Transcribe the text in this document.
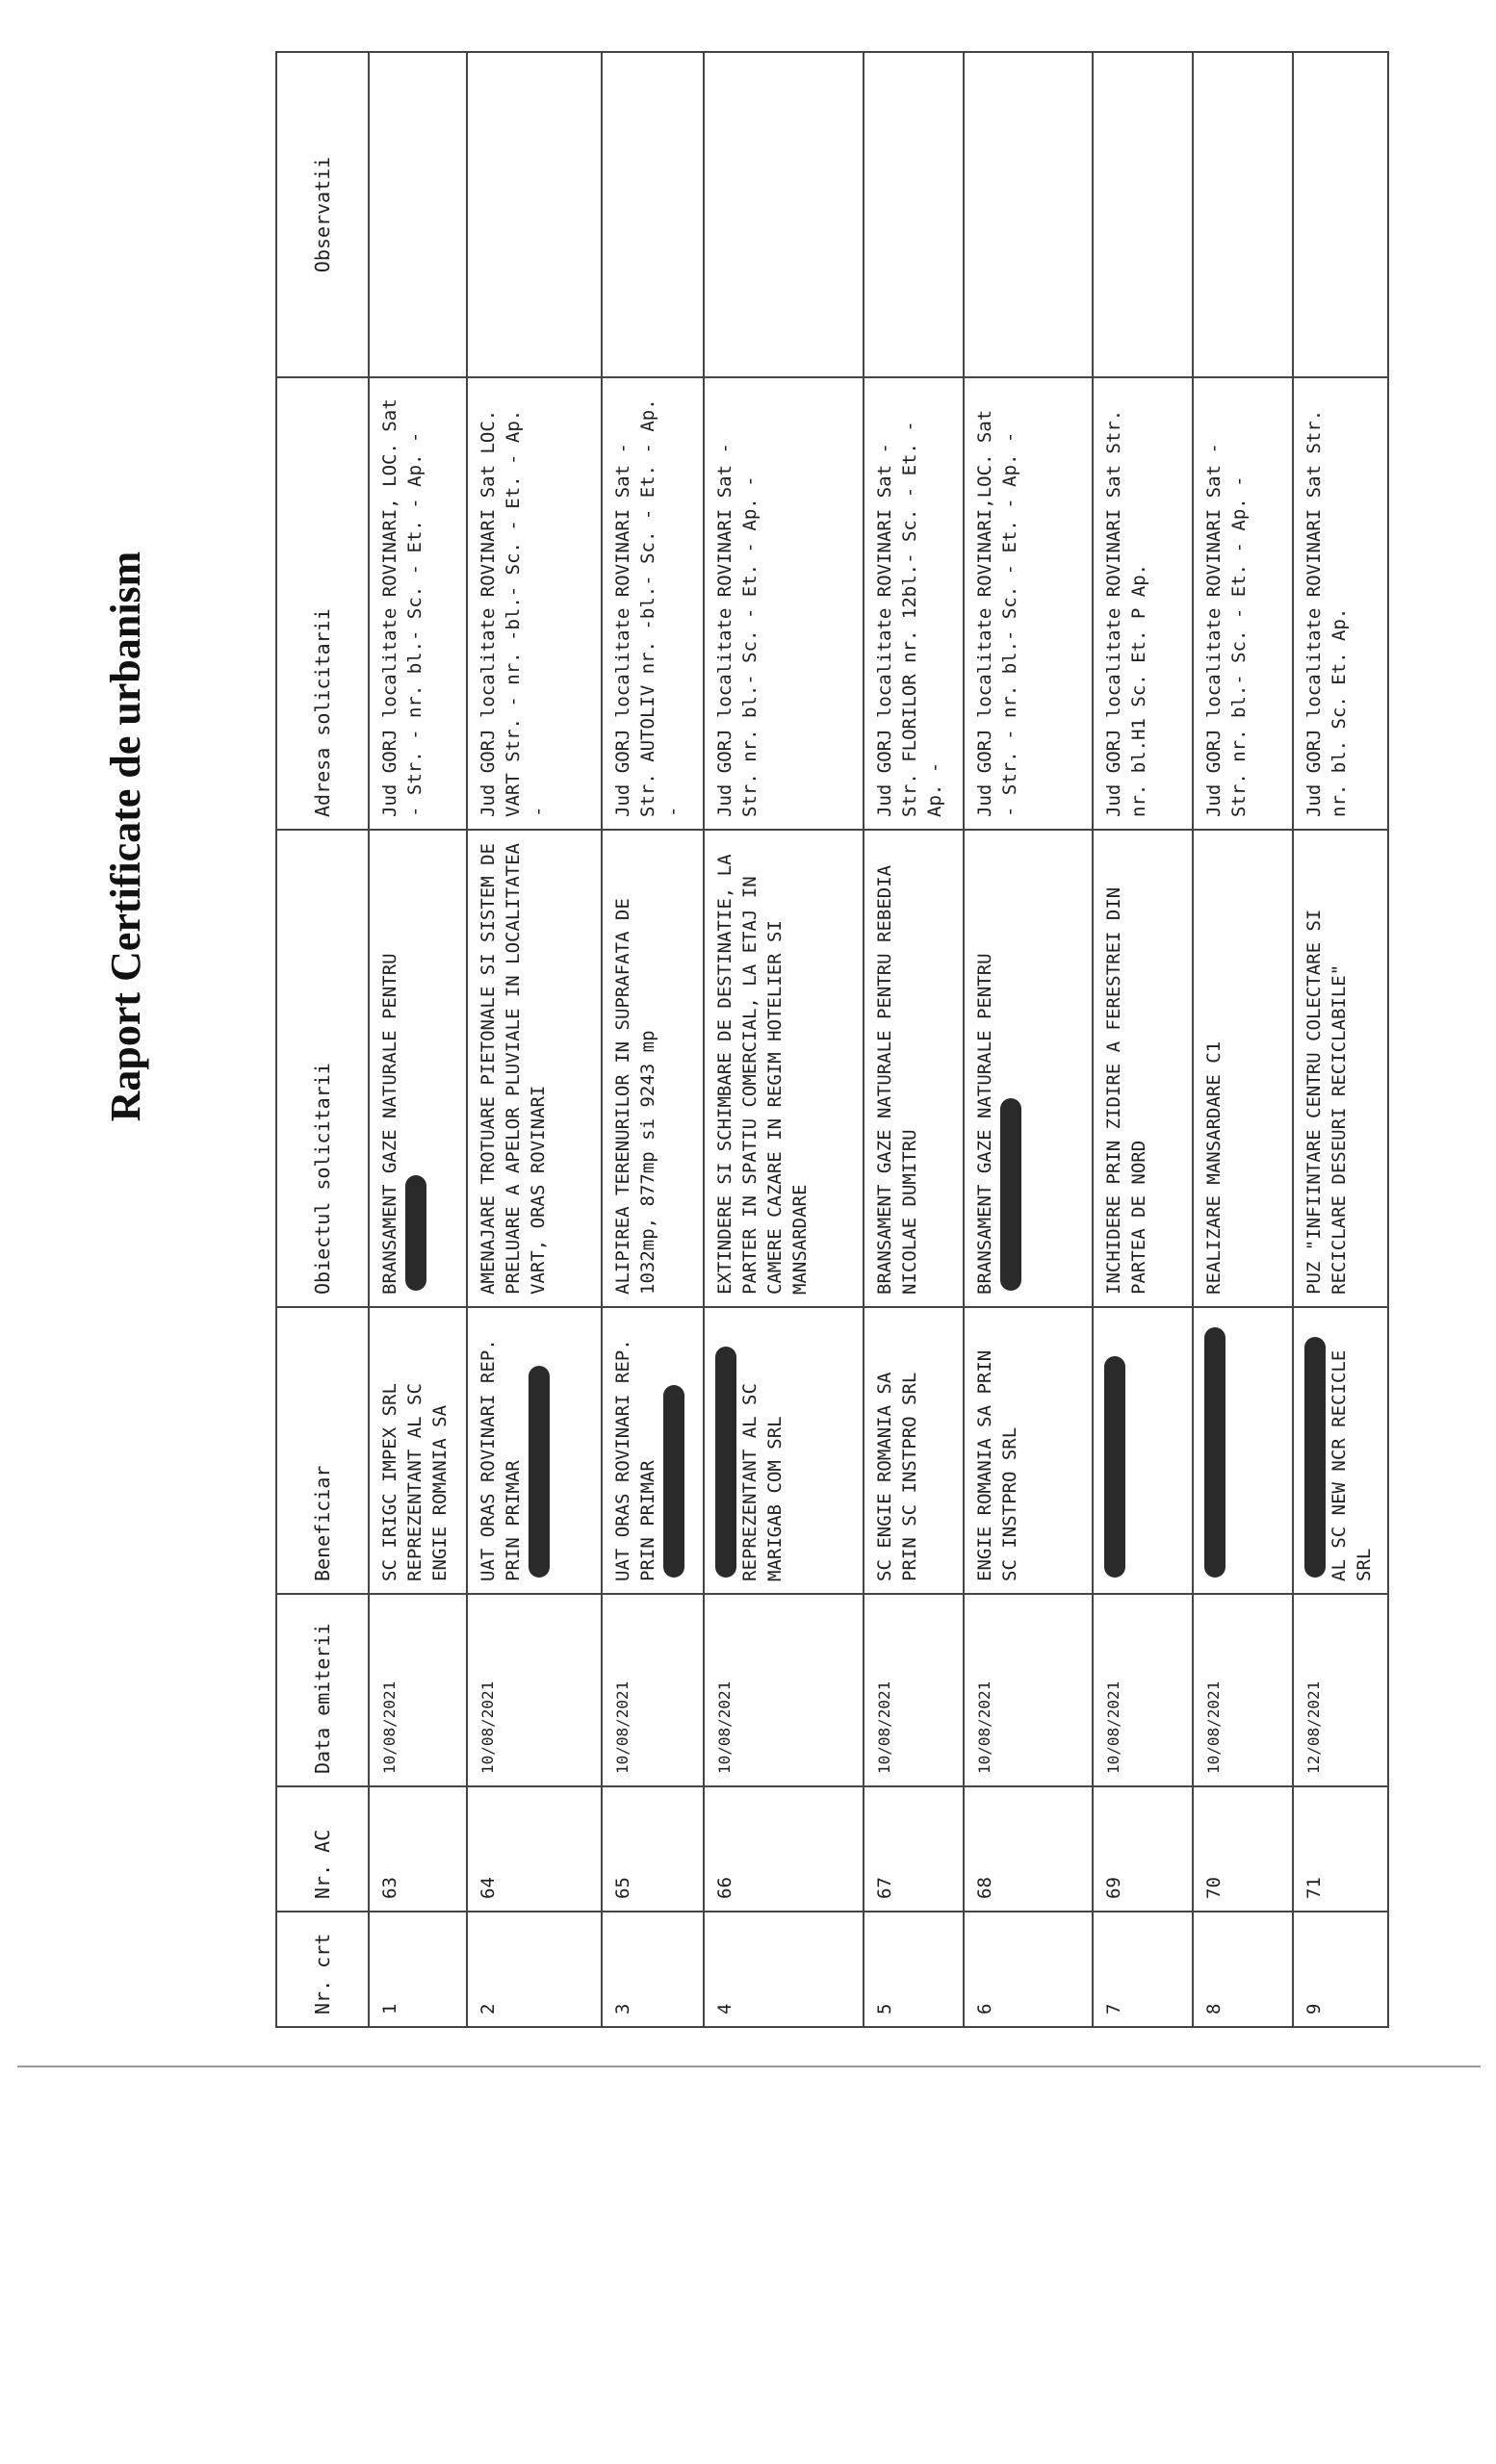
Raport Certificate de urbanism
Nr. crt	Nr. AC	Data emiterii	Beneficiar	Obiectul solicitarii	Adresa solicitarii	Observatii
1	63	10/08/2021	SC IRIGC IMPEX SRL REPREZENTANT AL SC ENGIE ROMANIA SA	BRANSAMENT GAZE NATURALE PENTRU	Jud GORJ localitate ROVINARI, LOC. Sat - Str. - nr. bl.- Sc. - Et. - Ap. -	
2	64	10/08/2021	UAT ORAS ROVINARI REP. PRIN PRIMAR	AMENAJARE TROTUARE PIETONALE SI SISTEM DE PRELUARE A APELOR PLUVIALE IN LOCALITATEA VART, ORAS ROVINARI	Jud GORJ localitate ROVINARI Sat LOC. VART Str. - nr. -bl.- Sc. - Et. - Ap. -	
3	65	10/08/2021	UAT ORAS ROVINARI REP. PRIN PRIMAR	ALIPIREA TERENURILOR IN SUPRAFATA DE 1032mp, 877mp si 9243 mp	Jud GORJ localitate ROVINARI Sat - Str. AUTOLIV nr. -bl.- Sc. - Et. - Ap. -	
4	66	10/08/2021	REPREZENTANT AL SC MARIGAB COM SRL	EXTINDERE SI SCHIMBARE DE DESTINATIE, LA PARTER IN SPATIU COMERCIAL, LA ETAJ IN CAMERE CAZARE IN REGIM HOTELIER SI MANSARDARE	Jud GORJ localitate ROVINARI Sat - Str. nr. bl.- Sc. - Et. - Ap. -	
5	67	10/08/2021	SC ENGIE ROMANIA SA PRIN SC INSTPRO SRL	BRANSAMENT GAZE NATURALE PENTRU REBEDIA NICOLAE DUMITRU	Jud GORJ localitate ROVINARI Sat - Str. FLORILOR nr. 12bl.- Sc. - Et. - Ap. -	
6	68	10/08/2021	ENGIE ROMANIA SA PRIN SC INSTPRO SRL	BRANSAMENT GAZE NATURALE PENTRU	Jud GORJ localitate ROVINARI,LOC. Sat - Str. - nr. bl.- Sc. - Et. - Ap. -	
7	69	10/08/2021		INCHIDERE PRIN ZIDIRE A FERESTREI DIN PARTEA DE NORD	Jud GORJ localitate ROVINARI Sat Str. nr. bl.H1 Sc. Et. P Ap.	
8	70	10/08/2021		REALIZARE MANSARDARE C1	Jud GORJ localitate ROVINARI Sat - Str. nr. bl.- Sc. - Et. - Ap. -	
9	71	12/08/2021	AL SC NEW NCR RECICLE SRL	PUZ "INFIINTARE CENTRU COLECTARE SI RECICLARE DESEURI RECICLABILE"	Jud GORJ localitate ROVINARI Sat Str. nr. bl. Sc. Et. Ap.	
